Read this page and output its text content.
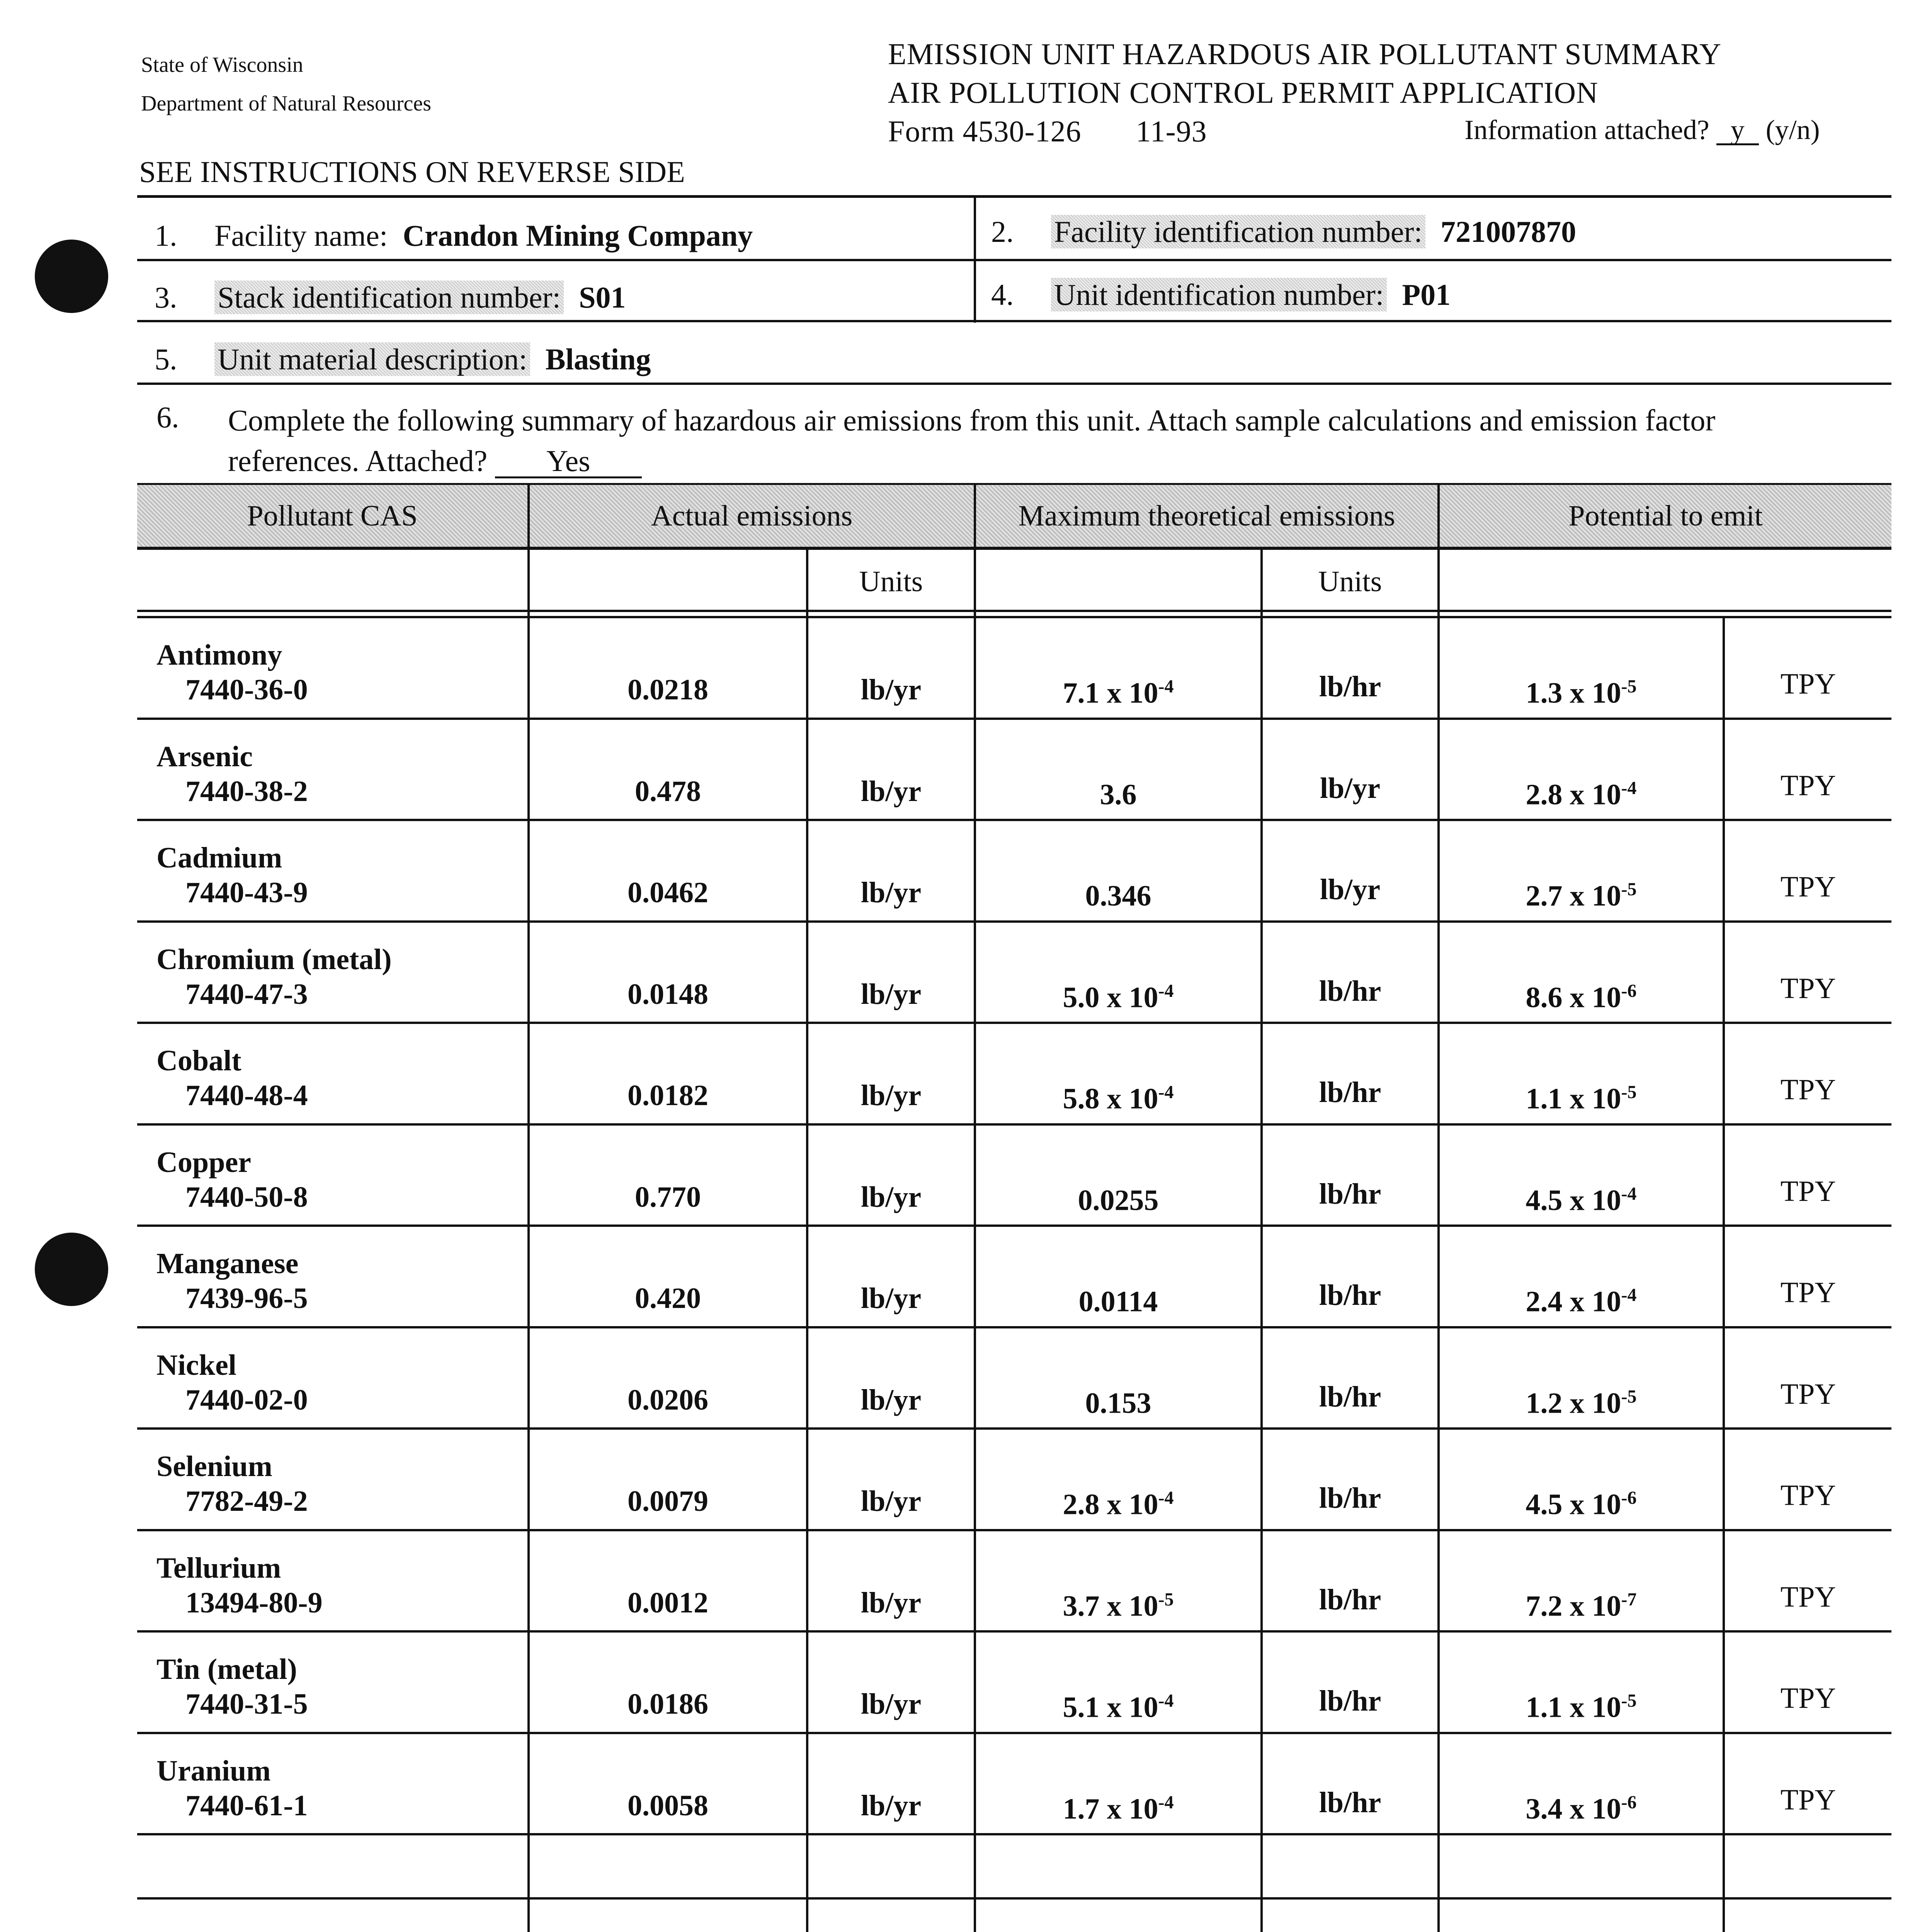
State of Wisconsin
Department of Natural Resources
EMISSION UNIT HAZARDOUS AIR POLLUTANT SUMMARY
AIR POLLUTION CONTROL PERMIT APPLICATION
Form 4530-126 11-93	Information attached? y (y/n)
SEE INSTRUCTIONS ON REVERSE SIDE
1. Facility name: Crandon Mining Company	2. Facility identification number: 721007870
3. Stack identification number: S01	4. Unit identification number: P01
5. Unit material description: Blasting
6. Complete the following summary of hazardous air emissions from this unit. Attach sample calculations and emission factor references. Attached? Yes
Pollutant CAS	Actual emissions	Maximum theoretical emissions	Potential to emit
Units	Units
Antimony
7440-36-0	0.0218	lb/yr	7.1 x $10^{-4}$	lb/hr	1.3 x $10^{-5}$	TPY
Arsenic
7440-38-2	0.478	lb/yr	3.6	lb/yr	2.8 x $10^{-4}$	TPY
Cadmium
7440-43-9	0.0462	lb/yr	0.346	lb/yr	2.7 x $10^{-5}$	TPY
Chromium (metal)
7440-47-3	0.0148	lb/yr	5.0 x $10^{-4}$	lb/hr	8.6 x $10^{-6}$	TPY
Cobalt
7440-48-4	0.0182	lb/yr	5.8 x $10^{-4}$	lb/hr	1.1 x $10^{-5}$	TPY
Copper
7440-50-8	0.770	lb/yr	0.0255	lb/hr	4.5 x $10^{-4}$	TPY
Manganese
7439-96-5	0.420	lb/yr	0.0114	lb/hr	2.4 x $10^{-4}$	TPY
Nickel
7440-02-0	0.0206	lb/yr	0.153	lb/hr	1.2 x $10^{-5}$	TPY
Selenium
7782-49-2	0.0079	lb/yr	2.8 x $10^{-4}$	lb/hr	4.5 x $10^{-6}$	TPY
Tellurium
13494-80-9	0.0012	lb/yr	3.7 x $10^{-5}$	lb/hr	7.2 x $10^{-7}$	TPY
Tin (metal)
7440-31-5	0.0186	lb/yr	5.1 x $10^{-4}$	lb/hr	1.1 x $10^{-5}$	TPY
Uranium
7440-61-1	0.0058	lb/yr	1.7 x $10^{-4}$	lb/hr	3.4 x $10^{-6}$	TPY
